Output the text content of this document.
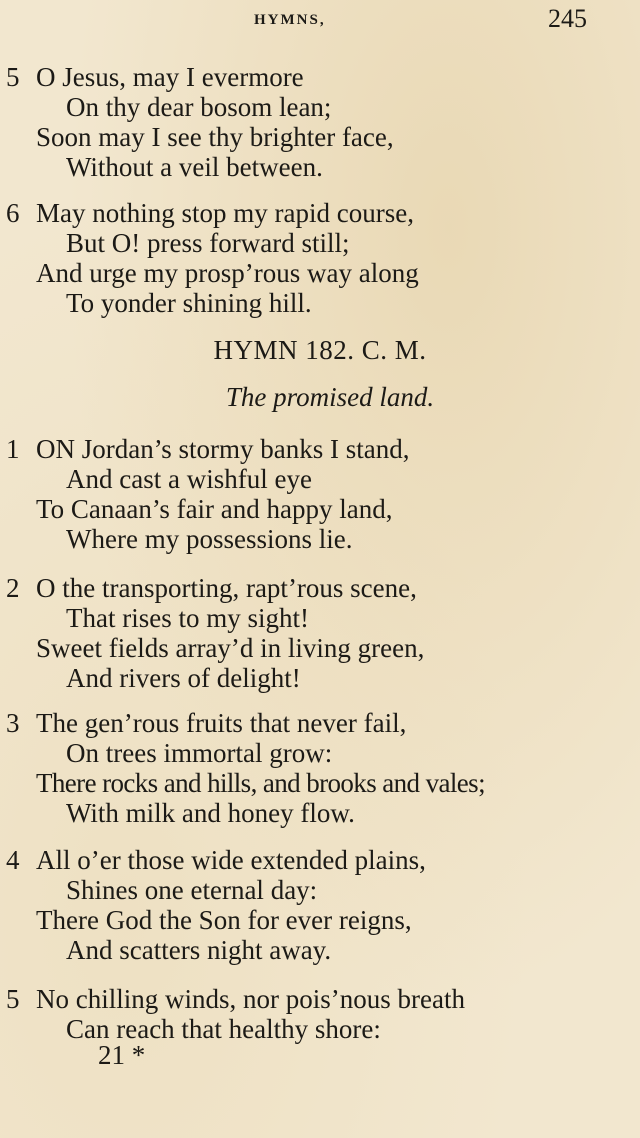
HYMNS,	245
5 O Jesus, may I evermore
On thy dear bosom lean;
Soon may I see thy brighter face,
Without a veil between.
6 May nothing stop my rapid course,
But O! press forward still;
And urge my prosp’rous way along
To yonder shining hill.
HYMN 182. C. M.
The promised land.
1 ON Jordan’s stormy banks I stand,
And cast a wishful eye
To Canaan’s fair and happy land,
Where my possessions lie.
2 O the transporting, rapt’rous scene,
That rises to my sight!
Sweet fields array’d in living green,
And rivers of delight!
3 The gen’rous fruits that never fail,
On trees immortal grow:
There rocks and hills, and brooks and vales;
With milk and honey flow.
4 All o’er those wide extended plains,
Shines one eternal day:
There God the Son for ever reigns,
And scatters night away.
5 No chilling winds, nor pois’nous breath
Can reach that healthy shore:
21 *
